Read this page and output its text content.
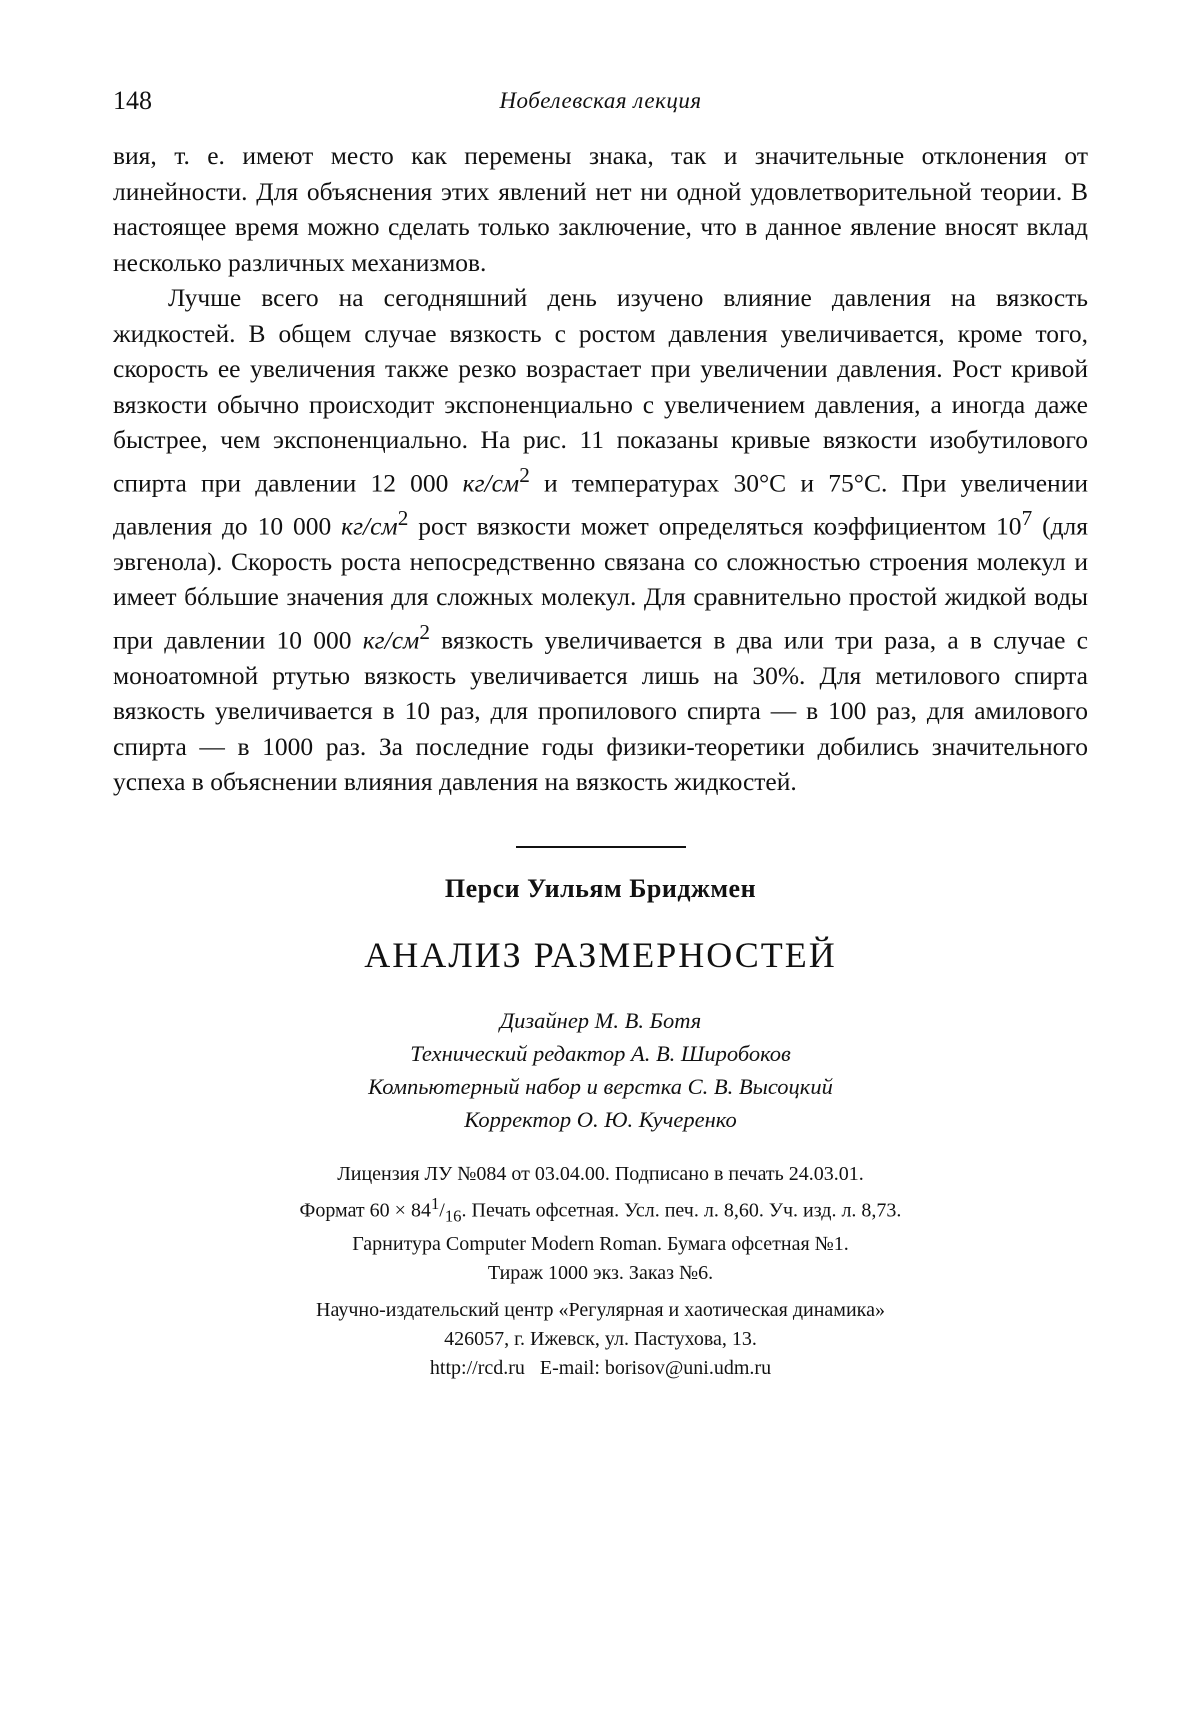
148	Нобелевская лекция

вия, т. е. имеют место как перемены знака, так и значительные отклонения от линейности. Для объяснения этих явлений нет ни одной удовлетворительной теории. В настоящее время можно сделать только заключение, что в данное явление вносят вклад несколько различных механизмов.

Лучше всего на сегодняшний день изучено влияние давления на вязкость жидкостей. В общем случае вязкость с ростом давления увеличивается, кроме того, скорость ее увеличения также резко возрастает при увеличении давления. Рост кривой вязкости обычно происходит экспоненциально с увеличением давления, а иногда даже быстрее, чем экспоненциально. На рис. 11 показаны кривые вязкости изобутилового спирта при давлении 12 000 $кг/см^2$ и температурах 30°C и 75°C. При увеличении давления до 10 000 $кг/см^2$ рост вязкости может определяться коэффициентом $10^7$ (для эвгенола). Скорость роста непосредственно связана со сложностью строения молекул и имеет бóльшие значения для сложных молекул. Для сравнительно простой жидкой воды при давлении 10 000 $кг/см^2$ вязкость увеличивается в два или три раза, а в случае с моноатомной ртутью вязкость увеличивается лишь на 30%. Для метилового спирта вязкость увеличивается в 10 раз, для пропилового спирта — в 100 раз, для амилового спирта — в 1000 раз. За последние годы физики-теоретики добились значительного успеха в объяснении влияния давления на вязкость жидкостей.

Перси Уильям Бриджмен
АНАЛИЗ РАЗМЕРНОСТЕЙ
Дизайнер М. В. Ботя
Технический редактор А. В. Широбоков
Компьютерный набор и верстка С. В. Высоцкий
Корректор О. Ю. Кучеренко
Лицензия ЛУ №084 от 03.04.00. Подписано в печать 24.03.01.
Формат $60 \times 84^1/_{16}$. Печать офсетная. Усл. печ. л. 8,60. Уч. изд. л. 8,73.
Гарнитура Computer Modern Roman. Бумага офсетная №1.
Тираж 1000 экз. Заказ №6.
Научно-издательский центр «Регулярная и хаотическая динамика»
426057, г. Ижевск, ул. Пастухова, 13.
http://rcd.ru E-mail: borisov@uni.udm.ru
